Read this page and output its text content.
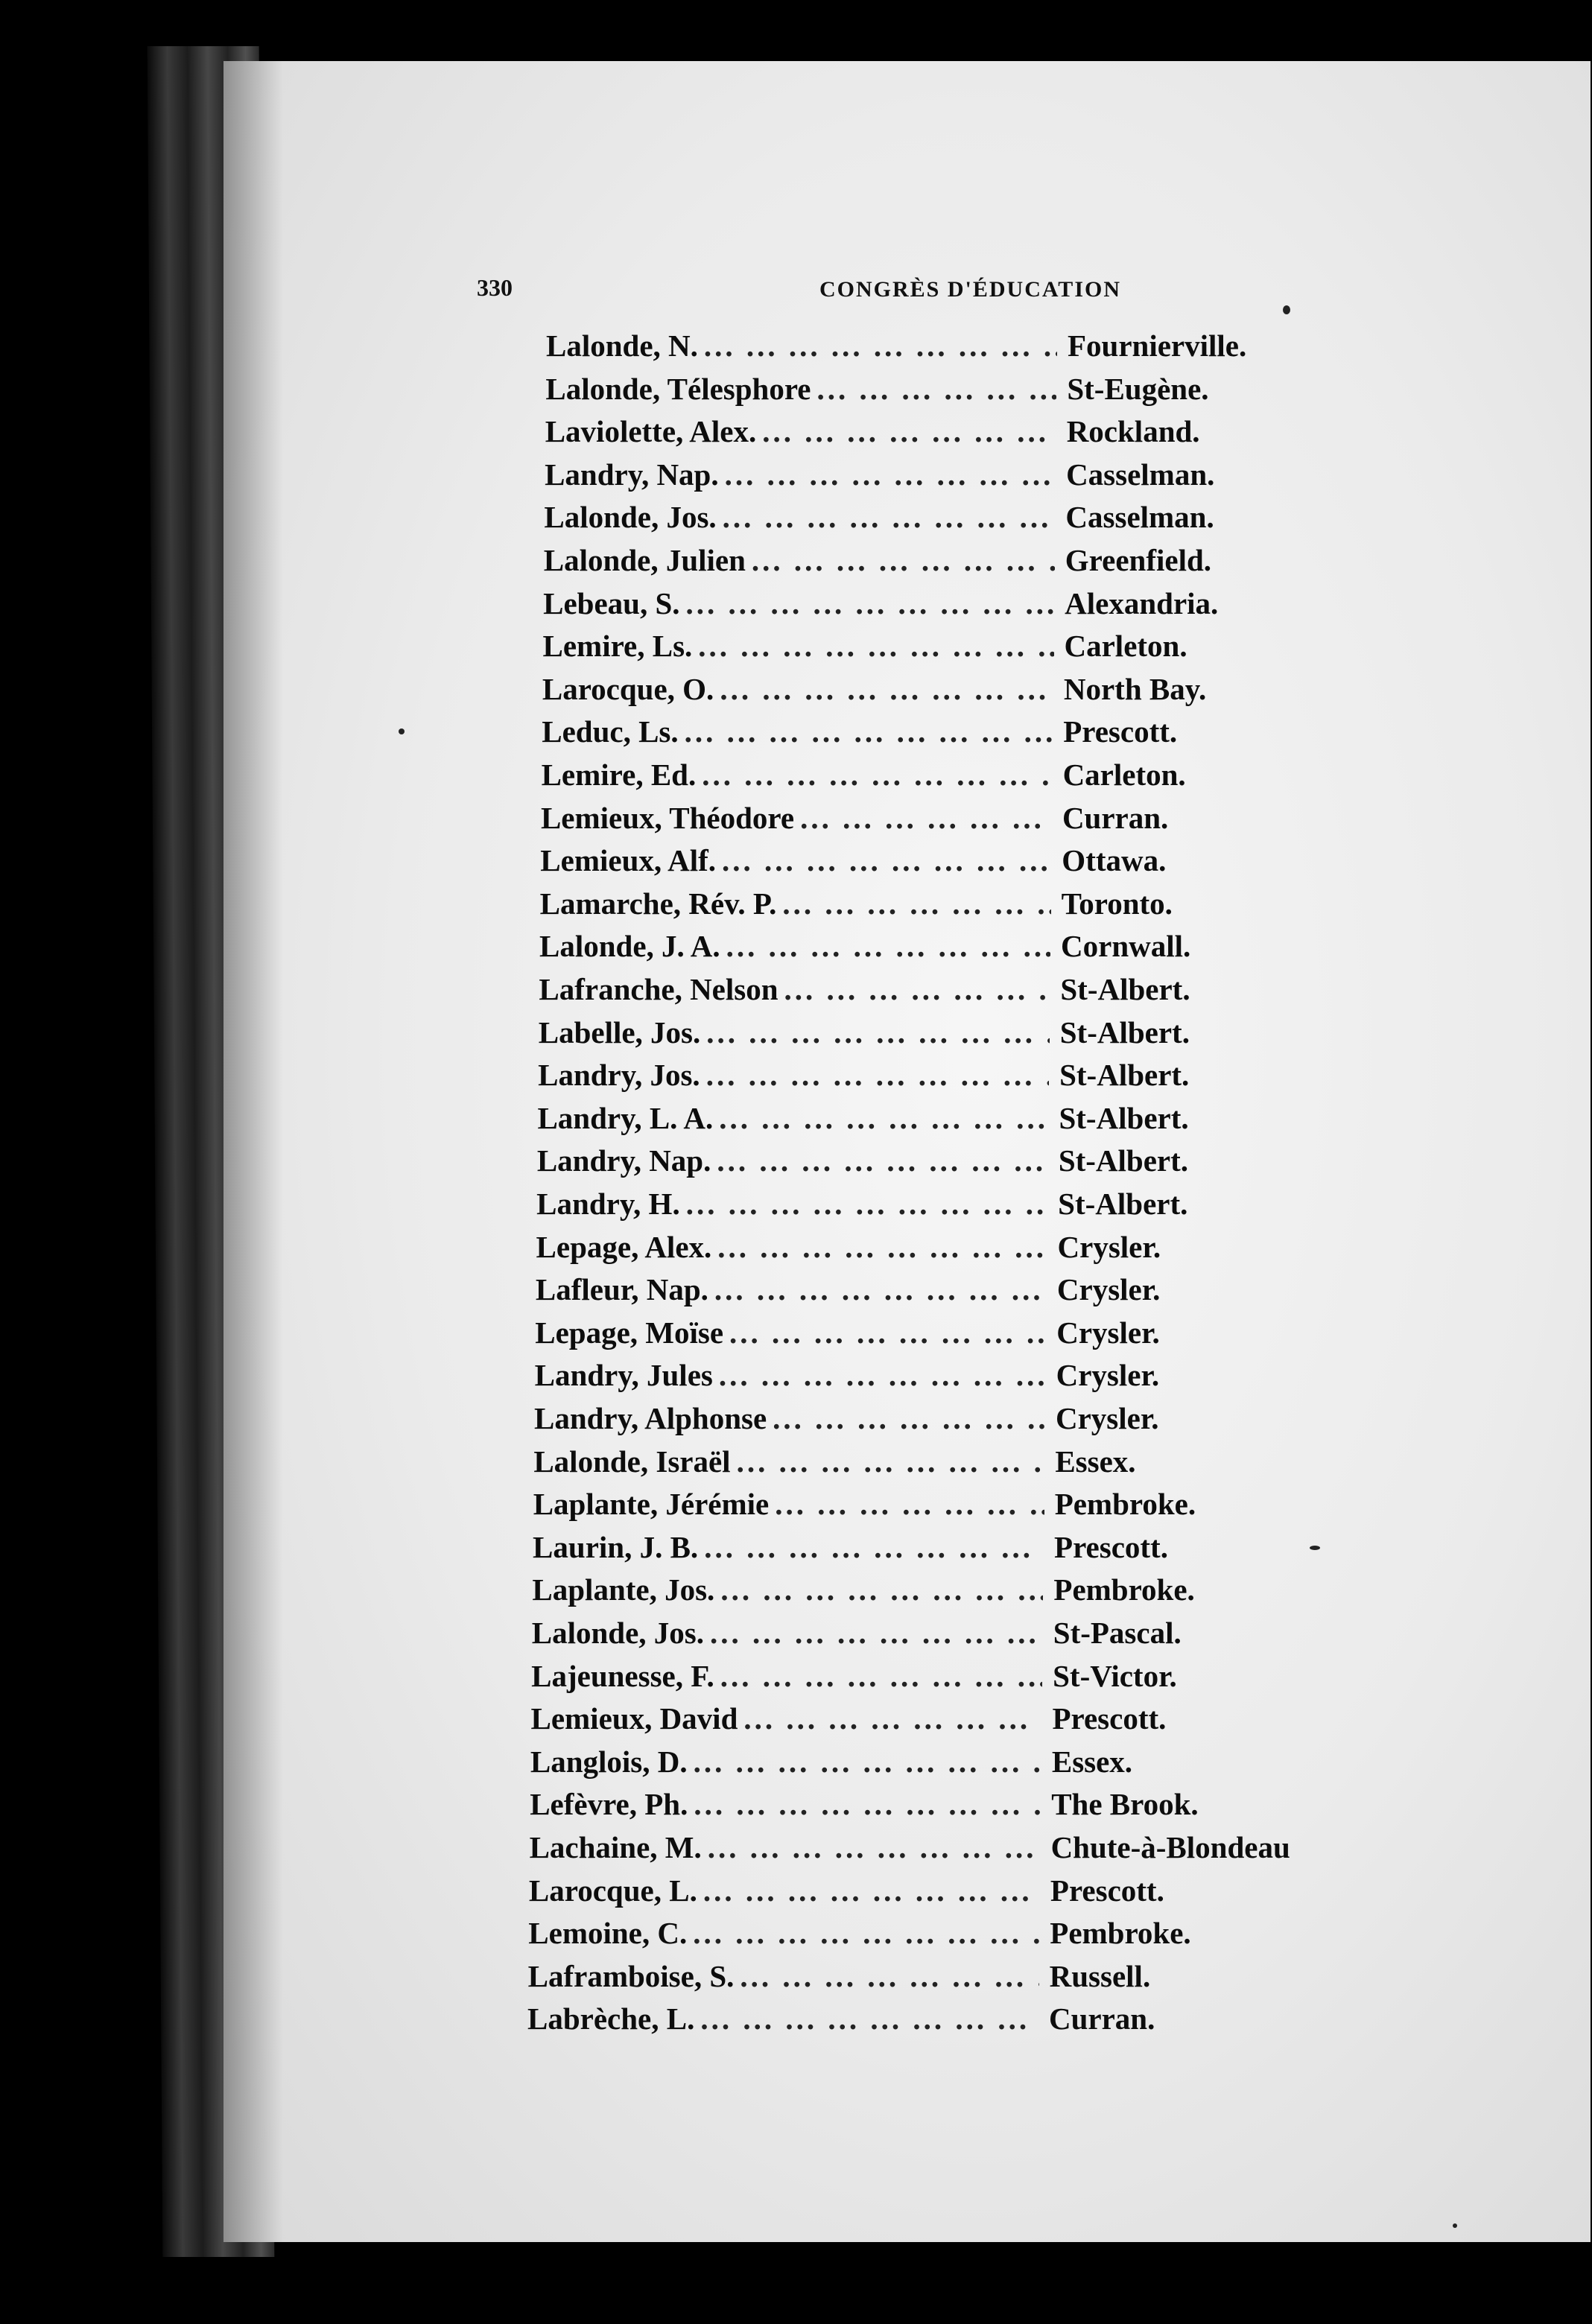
330	CONGRÈS D'ÉDUCATION
Lalonde, N. ... .	Fournierville.
Lalonde, Télesphore ... .	St-Eugène.
Laviolette, Alex. ... .	Rockland.
Landry, Nap. ... .	Casselman.
Lalonde, Jos. ... .	Casselman.
Lalonde, Julien ... .	Greenfield.
Lebeau, S. ... .	Alexandria.
Lemire, Ls. ... .	Carleton.
Larocque, O. ... .	North Bay.
Leduc, Ls. ... .	Prescott.
Lemire, Ed. ... .	Carleton.
Lemieux, Théodore ... .	Curran.
Lemieux, Alf. ... .	Ottawa.
Lamarche, Rév. P. ... .	Toronto.
Lalonde, J. A. ... .	Cornwall.
Lafranche, Nelson ... .	St-Albert.
Labelle, Jos. ... .	St-Albert.
Landry, Jos. ... .	St-Albert.
Landry, L. A. ... .	St-Albert.
Landry, Nap. ... .	St-Albert.
Landry, H. ... .	St-Albert.
Lepage, Alex. ... .	Crysler.
Lafleur, Nap. ... .	Crysler.
Lepage, Moïse ... .	Crysler.
Landry, Jules ... .	Crysler.
Landry, Alphonse ... .	Crysler.
Lalonde, Israël ... .	Essex.
Laplante, Jérémie ... .	Pembroke.
Laurin, J. B. ... .	Prescott.
Laplante, Jos. ... .	Pembroke.
Lalonde, Jos. ... .	St-Pascal.
Lajeunesse, F. ... .	St-Victor.
Lemieux, David ... .	Prescott.
Langlois, D. ... .	Essex.
Lefèvre, Ph. ... .	The Brook.
Lachaine, M. ... .	Chute-à-Blondeau
Larocque, L. ... .	Prescott.
Lemoine, C. ... .	Pembroke.
Laframboise, S. ... .	Russell.
Labrèche, L. ... .	Curran.
